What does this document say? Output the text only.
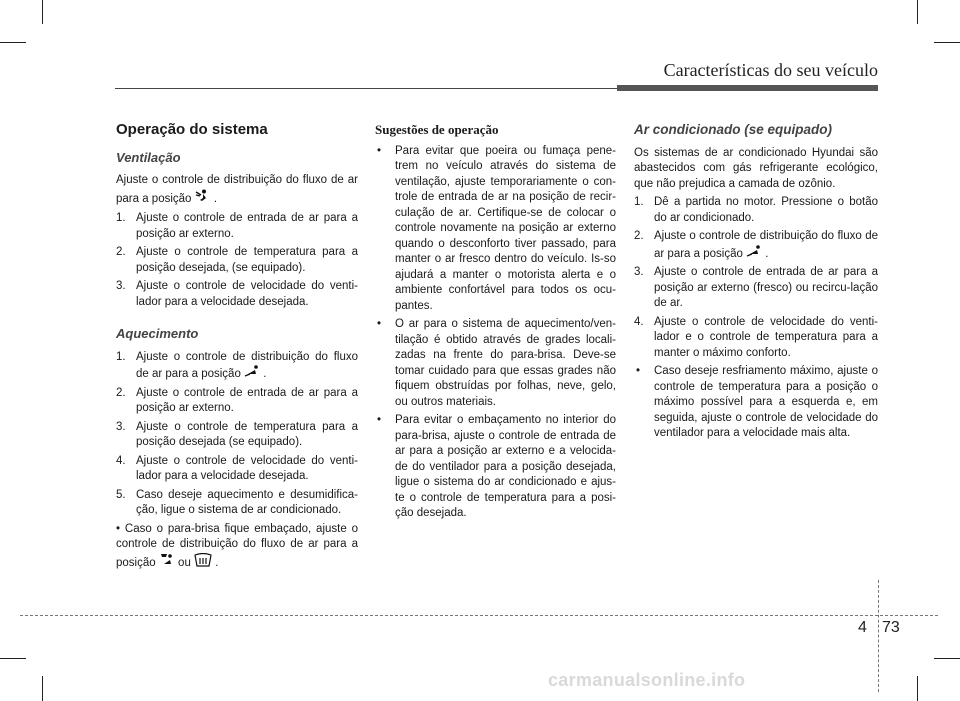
Características do seu veículo
Operação do sistema
Ventilação

Ajuste o controle de distribuição do fluxo de ar para a posição .

1. Ajuste o controle de entrada de ar para a posição ar externo.
2. Ajuste o controle de temperatura para a posição desejada, (se equipado).
3. Ajuste o controle de velocidade do venti-lador para a velocidade desejada.
Aquecimento
1. Ajuste o controle de distribuição do fluxo de ar para a posição .
2. Ajuste o controle de entrada de ar para a posição ar externo.
3. Ajuste o controle de temperatura para a posição desejada (se equipado).
4. Ajuste o controle de velocidade do venti-lador para a velocidade desejada.
5. Caso deseje aquecimento e desumidifica-ção, ligue o sistema de ar condicionado.

• Caso o para-brisa fique embaçado, ajuste o controle de distribuição do fluxo de ar para a posição ou .

Sugestões de operação
•	Para evitar que poeira ou fumaça pene-trem no veículo através do sistema de ventilação, ajuste temporariamente o con-trole de entrada de ar na posição de recir-culação de ar. Certifique-se de colocar o controle novamente na posição ar externo quando o desconforto tiver passado, para manter o ar fresco dentro do veículo. Is-so ajudará a manter o motorista alerta e o ambiente confortável para todos os ocu-pantes.
•	O ar para o sistema de aquecimento/ven-tilação é obtido através de grades locali-zadas na frente do para-brisa. Deve-se tomar cuidado para que essas grades não fiquem obstruídas por folhas, neve, gelo, ou outros materiais.
•	Para evitar o embaçamento no interior do para-brisa, ajuste o controle de entrada de ar para a posição ar externo e a velocida-de do ventilador para a posição desejada, ligue o sistema do ar condicionado e ajus-te o controle de temperatura para a posi-ção desejada.
Ar condicionado (se equipado)

Os sistemas de ar condicionado Hyundai são abastecidos com gás refrigerante ecológico, que não prejudica a camada de ozônio.

1. Dê a partida no motor. Pressione o botão do ar condicionado.
2. Ajuste o controle de distribuição do fluxo de ar para a posição .
3. Ajuste o controle de entrada de ar para a posição ar externo (fresco) ou recircu-lação de ar.
4. Ajuste o controle de velocidade do venti-lador e o controle de temperatura para a manter o máximo conforto.
•	Caso deseje resfriamento máximo, ajuste o controle de temperatura para a posição o máximo possível para a esquerda e, em seguida, ajuste o controle de velocidade do ventilador para a velocidade mais alta.
4 73
carmanualsonline.info
